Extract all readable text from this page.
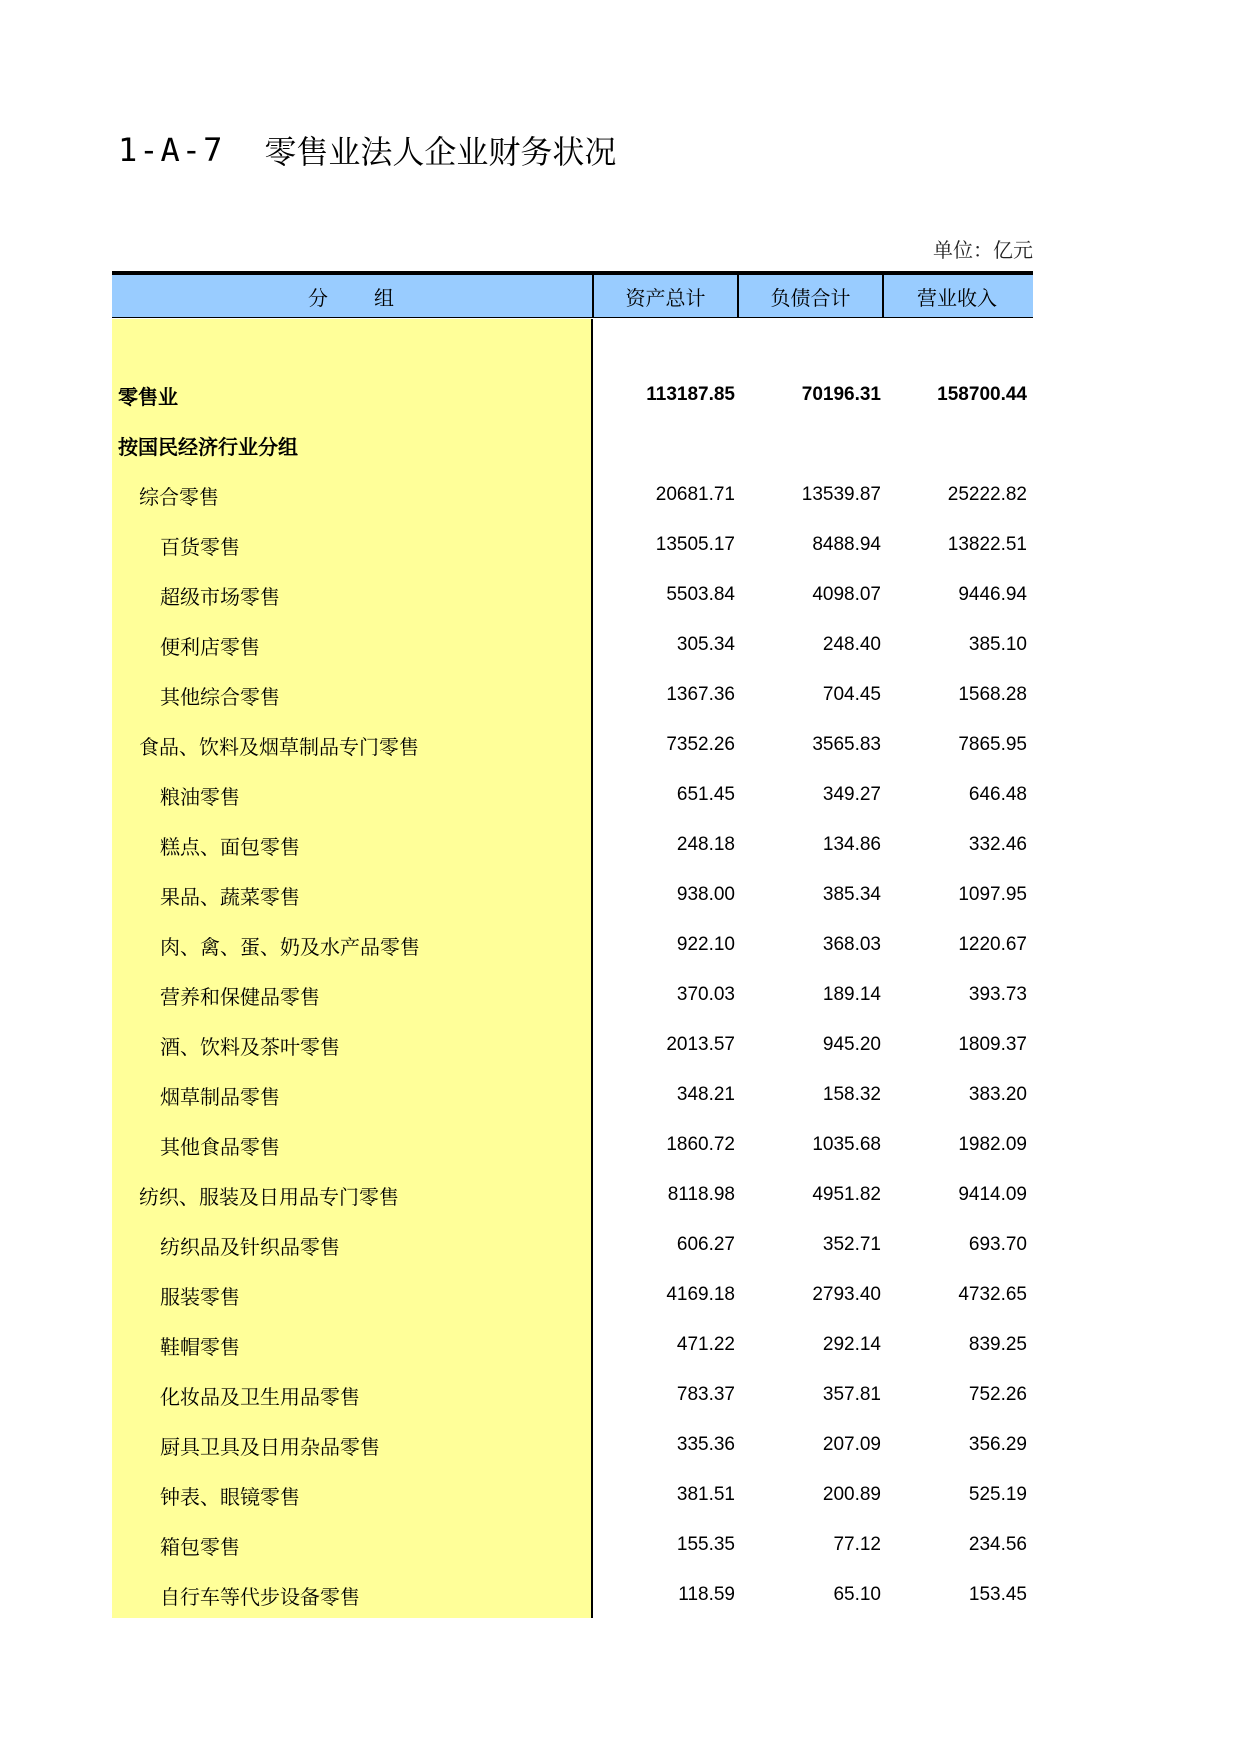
1-A-7 零售业法人企业财务状况
单位：亿元
分 组	资产总计	负债合计	营业收入
零售业	113187.85	70196.31	158700.44
按国民经济行业分组
综合零售	20681.71	13539.87	25222.82
百货零售	13505.17	8488.94	13822.51
超级市场零售	5503.84	4098.07	9446.94
便利店零售	305.34	248.40	385.10
其他综合零售	1367.36	704.45	1568.28
食品、饮料及烟草制品专门零售	7352.26	3565.83	7865.95
粮油零售	651.45	349.27	646.48
糕点、面包零售	248.18	134.86	332.46
果品、蔬菜零售	938.00	385.34	1097.95
肉、禽、蛋、奶及水产品零售	922.10	368.03	1220.67
营养和保健品零售	370.03	189.14	393.73
酒、饮料及茶叶零售	2013.57	945.20	1809.37
烟草制品零售	348.21	158.32	383.20
其他食品零售	1860.72	1035.68	1982.09
纺织、服装及日用品专门零售	8118.98	4951.82	9414.09
纺织品及针织品零售	606.27	352.71	693.70
服装零售	4169.18	2793.40	4732.65
鞋帽零售	471.22	292.14	839.25
化妆品及卫生用品零售	783.37	357.81	752.26
厨具卫具及日用杂品零售	335.36	207.09	356.29
钟表、眼镜零售	381.51	200.89	525.19
箱包零售	155.35	77.12	234.56
自行车等代步设备零售	118.59	65.10	153.45
